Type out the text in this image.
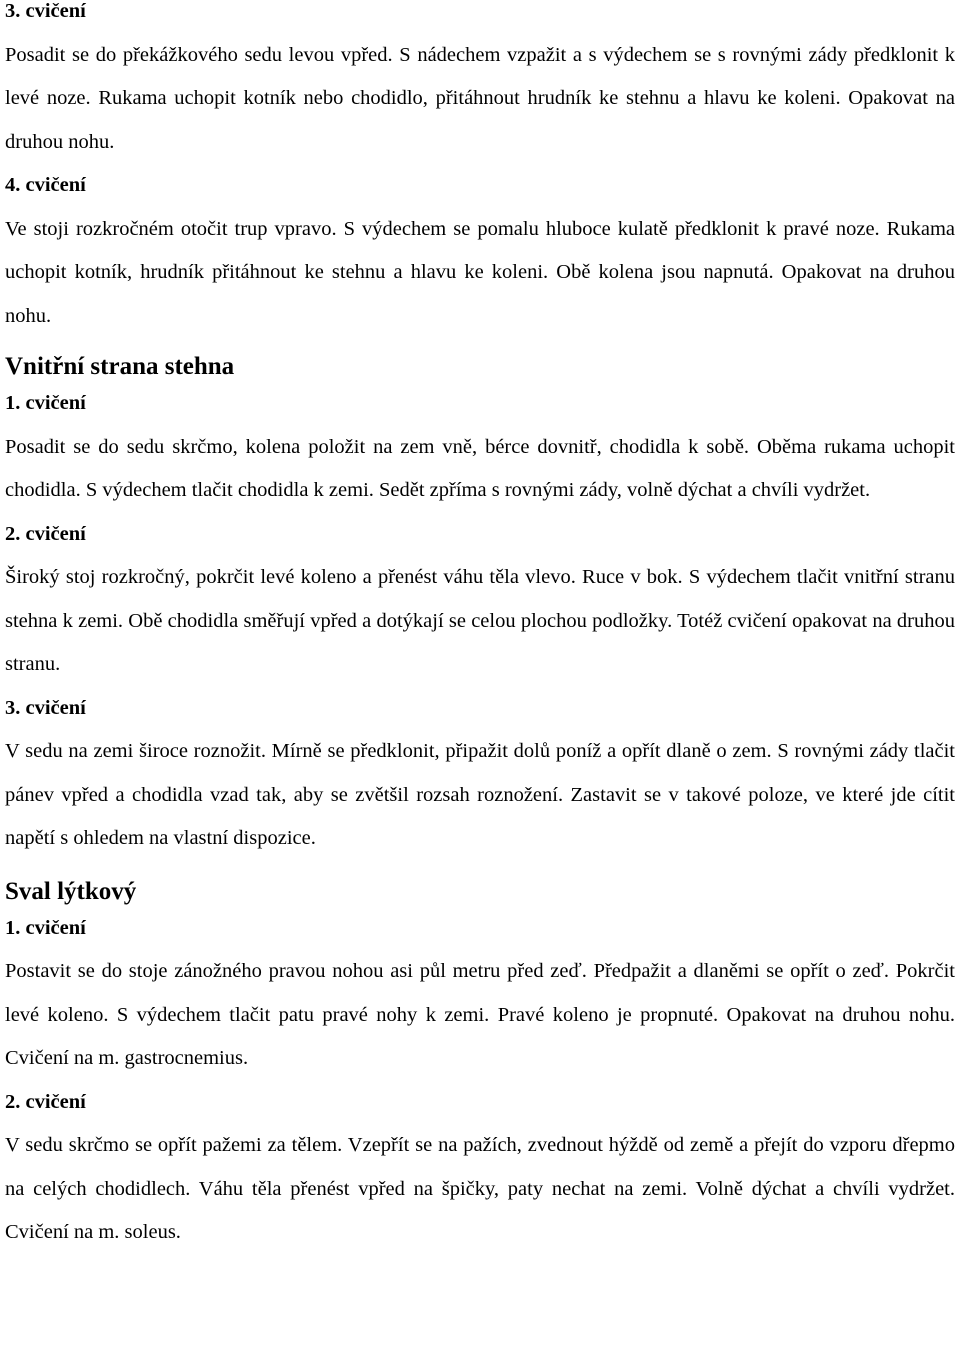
3. cvičení

Posadit se do překážkového sedu levou vpřed. S nádechem vzpažit a s výdechem se s rovnými zády předklonit k levé noze. Rukama uchopit kotník nebo chodidlo, přitáhnout hrudník ke stehnu a hlavu ke koleni. Opakovat na druhou nohu.

4. cvičení

Ve stoji rozkročném otočit trup vpravo. S výdechem se pomalu hluboce kulatě předklonit k pravé noze. Rukama uchopit kotník, hrudník přitáhnout ke stehnu a hlavu ke koleni. Obě kolena jsou napnutá. Opakovat na druhou nohu.

Vnitřní strana stehna

1. cvičení

Posadit se do sedu skrčmo, kolena položit na zem vně, bérce dovnitř, chodidla k sobě. Oběma rukama uchopit chodidla. S výdechem tlačit chodidla k zemi. Sedět zpříma s rovnými zády, volně dýchat a chvíli vydržet.

2. cvičení

Široký stoj rozkročný, pokrčit levé koleno a přenést váhu těla vlevo. Ruce v bok. S výdechem tlačit vnitřní stranu stehna k zemi. Obě chodidla směřují vpřed a dotýkají se celou plochou podložky. Totéž cvičení opakovat na druhou stranu.

3. cvičení

V sedu na zemi široce roznožit. Mírně se předklonit, připažit dolů poníž a opřít dlaně o zem. S rovnými zády tlačit pánev vpřed a chodidla vzad tak, aby se zvětšil rozsah roznožení. Zastavit se v takové poloze, ve které jde cítit napětí s ohledem na vlastní dispozice.

Sval lýtkový

1. cvičení

Postavit se do stoje zánožného pravou nohou asi půl metru před zeď. Předpažit a dlaněmi se opřít o zeď. Pokrčit levé koleno. S výdechem tlačit patu pravé nohy k zemi. Pravé koleno je propnuté. Opakovat na druhou nohu. Cvičení na m. gastrocnemius.

2. cvičení

V sedu skrčmo se opřít pažemi za tělem. Vzepřít se na pažích, zvednout hýždě od země a přejít do vzporu dřepmo na celých chodidlech. Váhu těla přenést vpřed na špičky, paty nechat na zemi. Volně dýchat a chvíli vydržet. Cvičení na m. soleus.
